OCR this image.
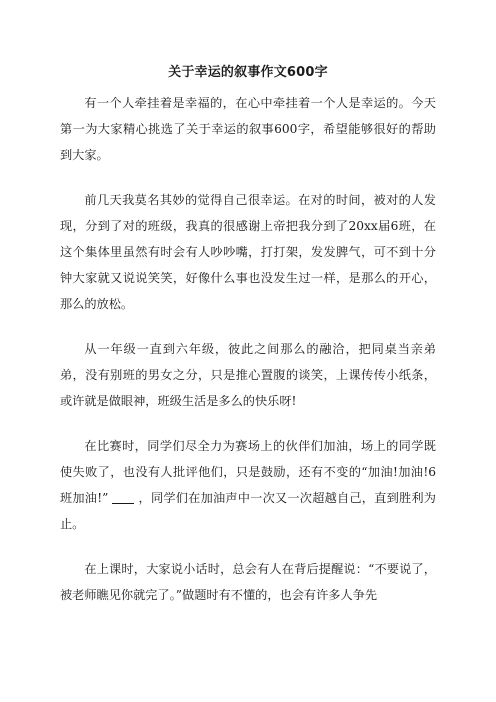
关于幸运的叙事作文600字

有一个人牵挂着是幸福的，在心中牵挂着一个人是幸运的。今天第一为大家精心挑选了关于幸运的叙事600字，希望能够很好的帮助到大家。

前几天我莫名其妙的觉得自己很幸运。在对的时间，被对的人发现，分到了对的班级，我真的很感谢上帝把我分到了20xx届6班，在这个集体里虽然有时会有人吵吵嘴，打打架，发发脾气，可不到十分钟大家就又说说笑笑，好像什么事也没发生过一样，是那么的开心，那么的放松。

从一年级一直到六年级，彼此之间那么的融洽，把同桌当亲弟弟，没有别班的男女之分，只是推心置腹的谈笑，上课传传小纸条，或许就是做眼神，班级生活是多么的快乐呀!

在比赛时，同学们尽全力为赛场上的伙伴们加油，场上的同学既使失败了，也没有人批评他们，只是鼓励，还有不变的“加油!加油!6班加油!” ，同学们在加油声中一次又一次超越自己，直到胜利为止。

在上课时，大家说小话时，总会有人在背后提醒说：“不要说了，被老师瞧见你就完了。”做题时有不懂的，也会有许多人争先
